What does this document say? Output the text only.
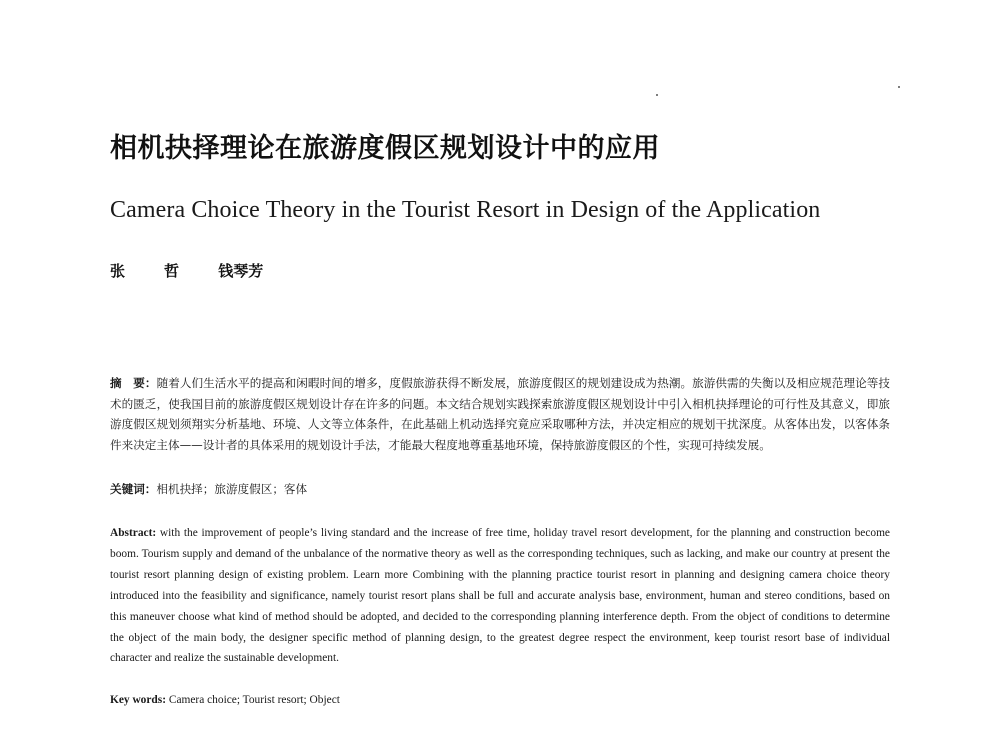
相机抉择理论在旅游度假区规划设计中的应用
Camera Choice Theory in the Tourist Resort in Design of the Application
张　哲 钱琴芳
摘　要：随着人们生活水平的提高和闲暇时间的增多，度假旅游获得不断发展，旅游度假区的规划建设成为热潮。旅游供需的失衡以及相应规范理论等技术的匮乏，使我国目前的旅游度假区规划设计存在许多的问题。本文结合规划实践探索旅游度假区规划设计中引入相机抉择理论的可行性及其意义，即旅游度假区规划须翔实分析基地、环境、人文等立体条件，在此基础上机动选择究竟应采取哪种方法，并决定相应的规划干扰深度。从客体出发，以客体条件来决定主体——设计者的具体采用的规划设计手法，才能最大程度地尊重基地环境，保持旅游度假区的个性，实现可持续发展。
关键词：相机抉择；旅游度假区；客体
Abstract: with the improvement of people’s living standard and the increase of free time, holiday travel resort development, for the planning and construction become boom. Tourism supply and demand of the unbalance of the normative theory as well as the corresponding techniques, such as lacking, and make our country at present the tourist resort planning design of existing problem. Learn more Combining with the planning practice tourist resort in planning and designing camera choice theory introduced into the feasibility and significance, namely tourist resort plans shall be full and accurate analysis base, environment, human and stereo conditions, based on this maneuver choose what kind of method should be adopted, and decided to the corresponding planning interference depth. From the object of conditions to determine the object of the main body, the designer specific method of planning design, to the greatest degree respect the environment, keep tourist resort base of individual character and realize the sustainable development.
Key words: Camera choice; Tourist resort; Object
